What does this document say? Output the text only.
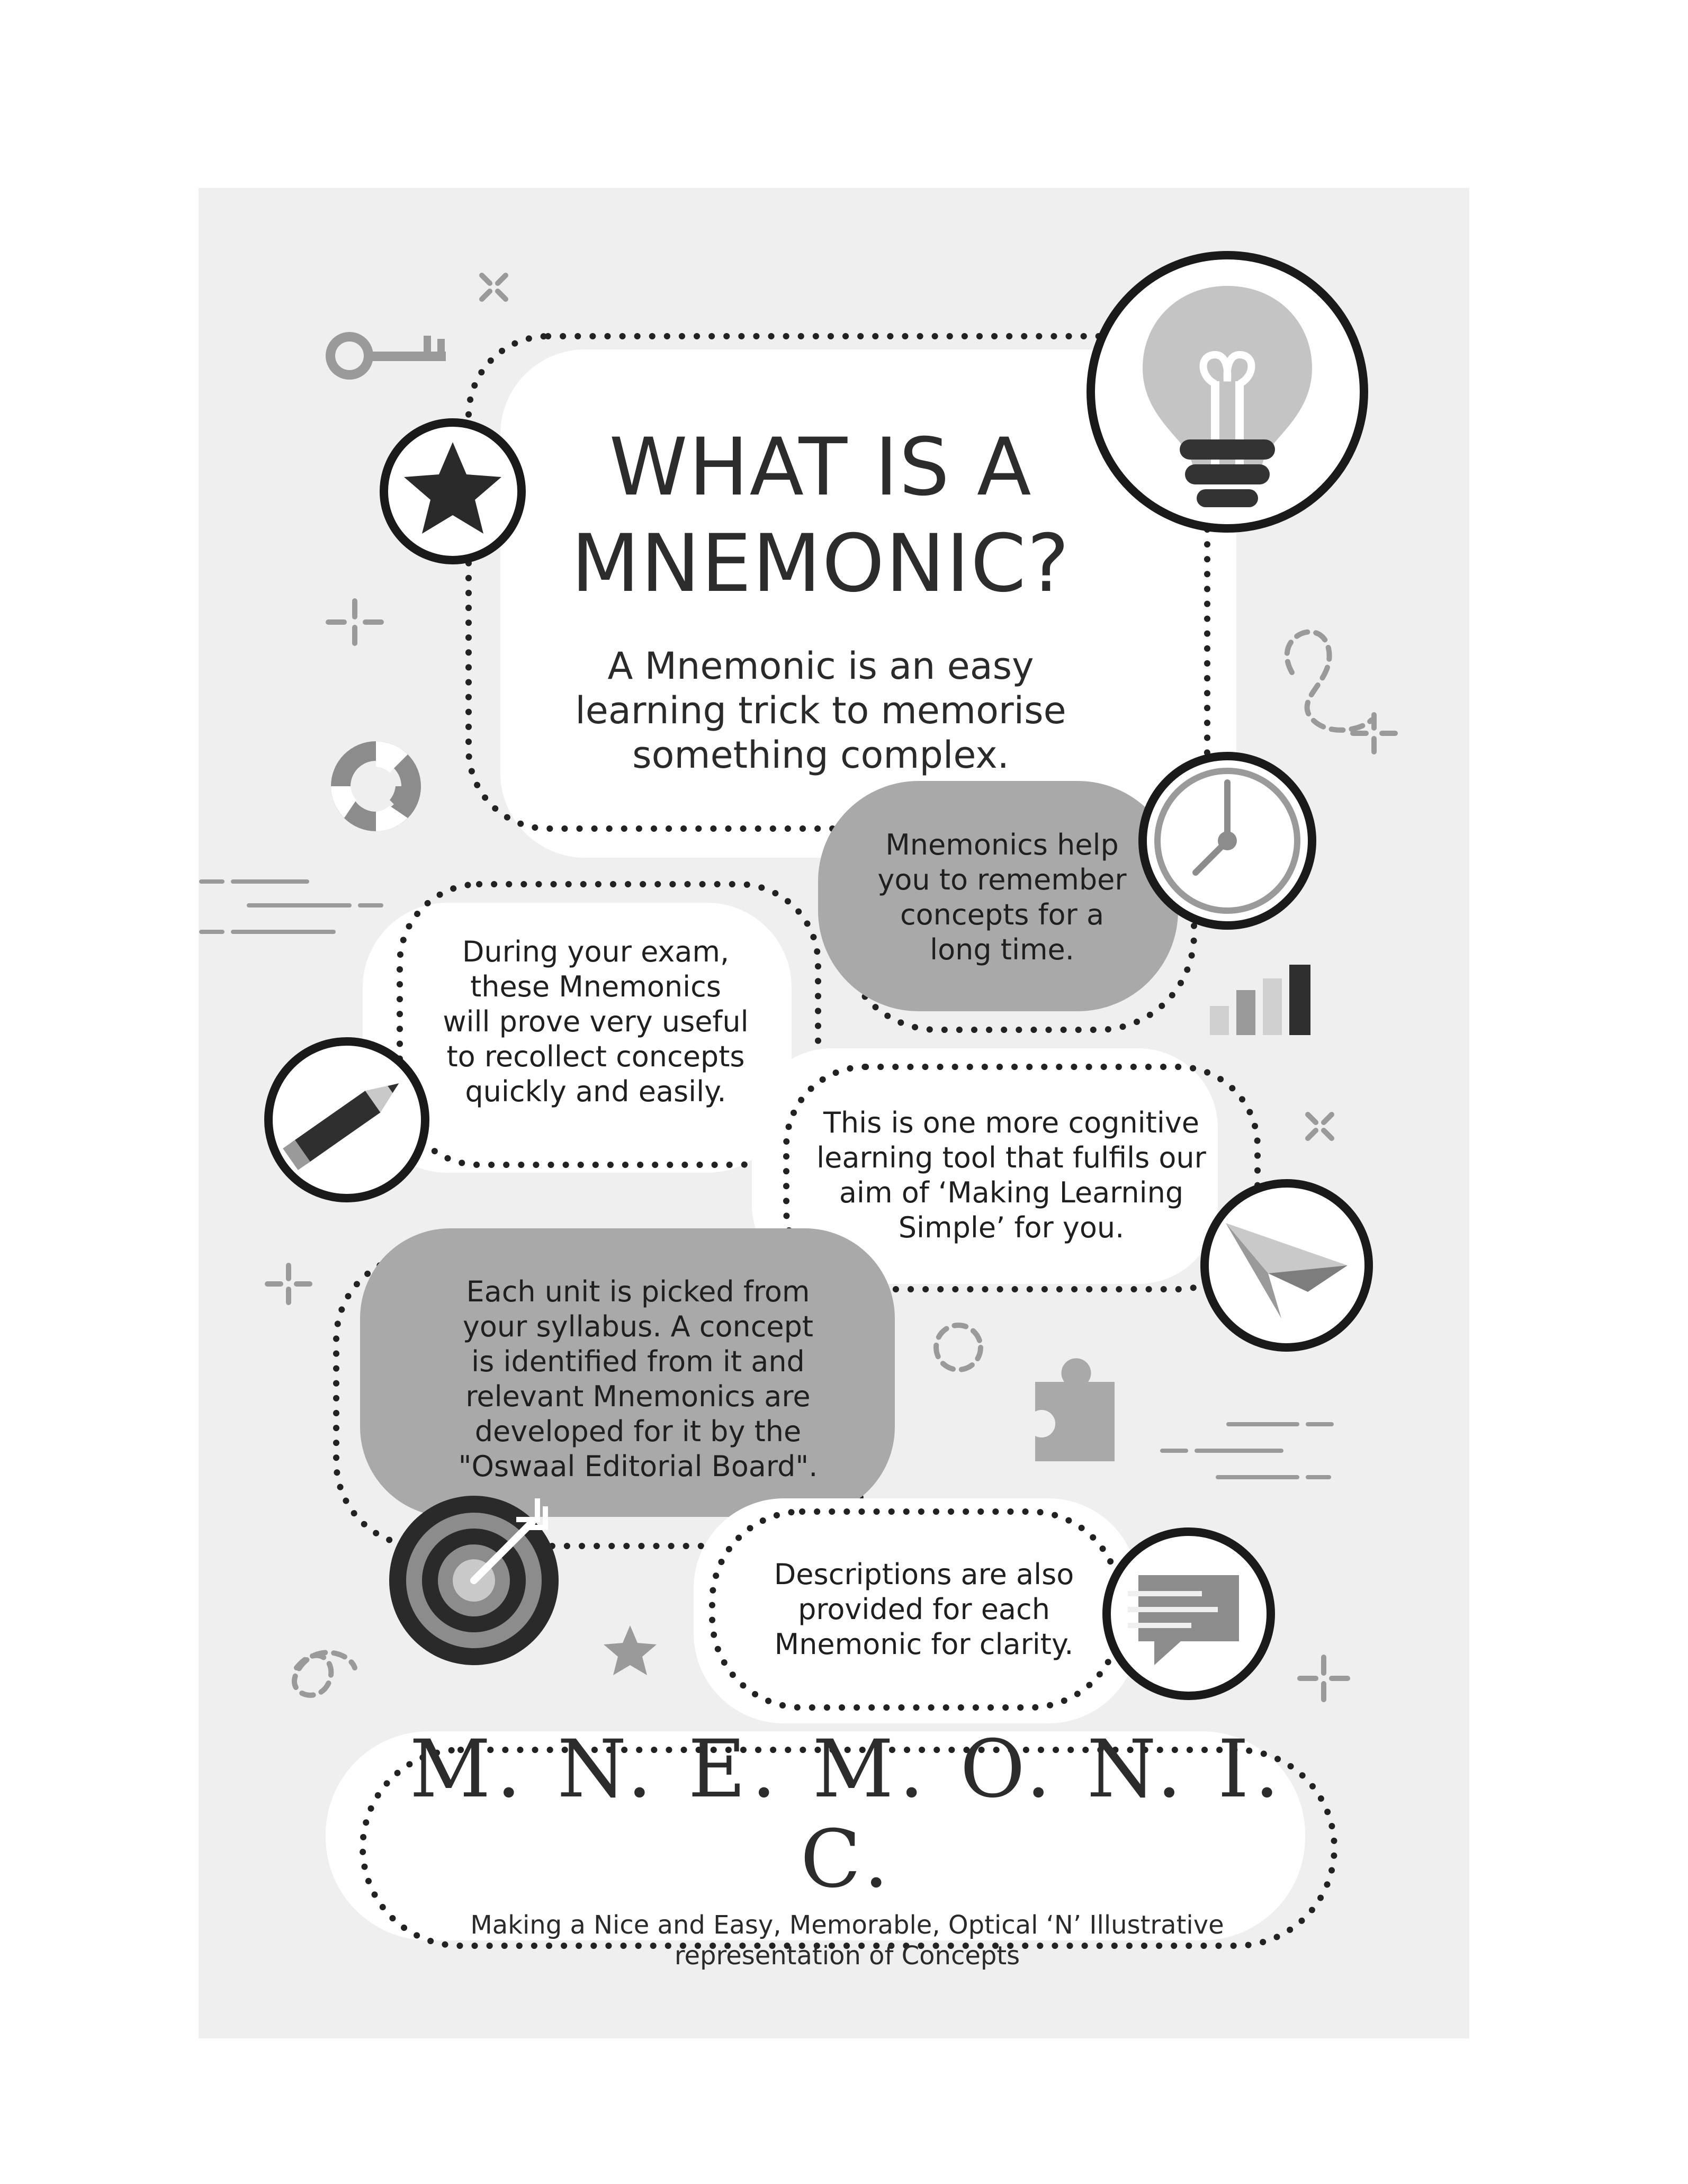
WHAT IS A
MNEMONIC?
A Mnemonic is an easy
learning trick to memorise
something complex.
Mnemonics help
you to remember
concepts for a
long time.
During your exam,
these Mnemonics
will prove very useful
to recollect concepts
quickly and easily.
This is one more cognitive
learning tool that fulfils our
aim of ‘Making Learning
Simple’ for you.
Each unit is picked from
your syllabus. A concept
is identified from it and
relevant Mnemonics are
developed for it by the
"Oswaal Editorial Board".
Descriptions are also
provided for each
Mnemonic for clarity.
M. N. E. M. O. N. I. C.
Making a Nice and Easy, Memorable, Optical ‘N’ Illustrative
representation of Concepts
